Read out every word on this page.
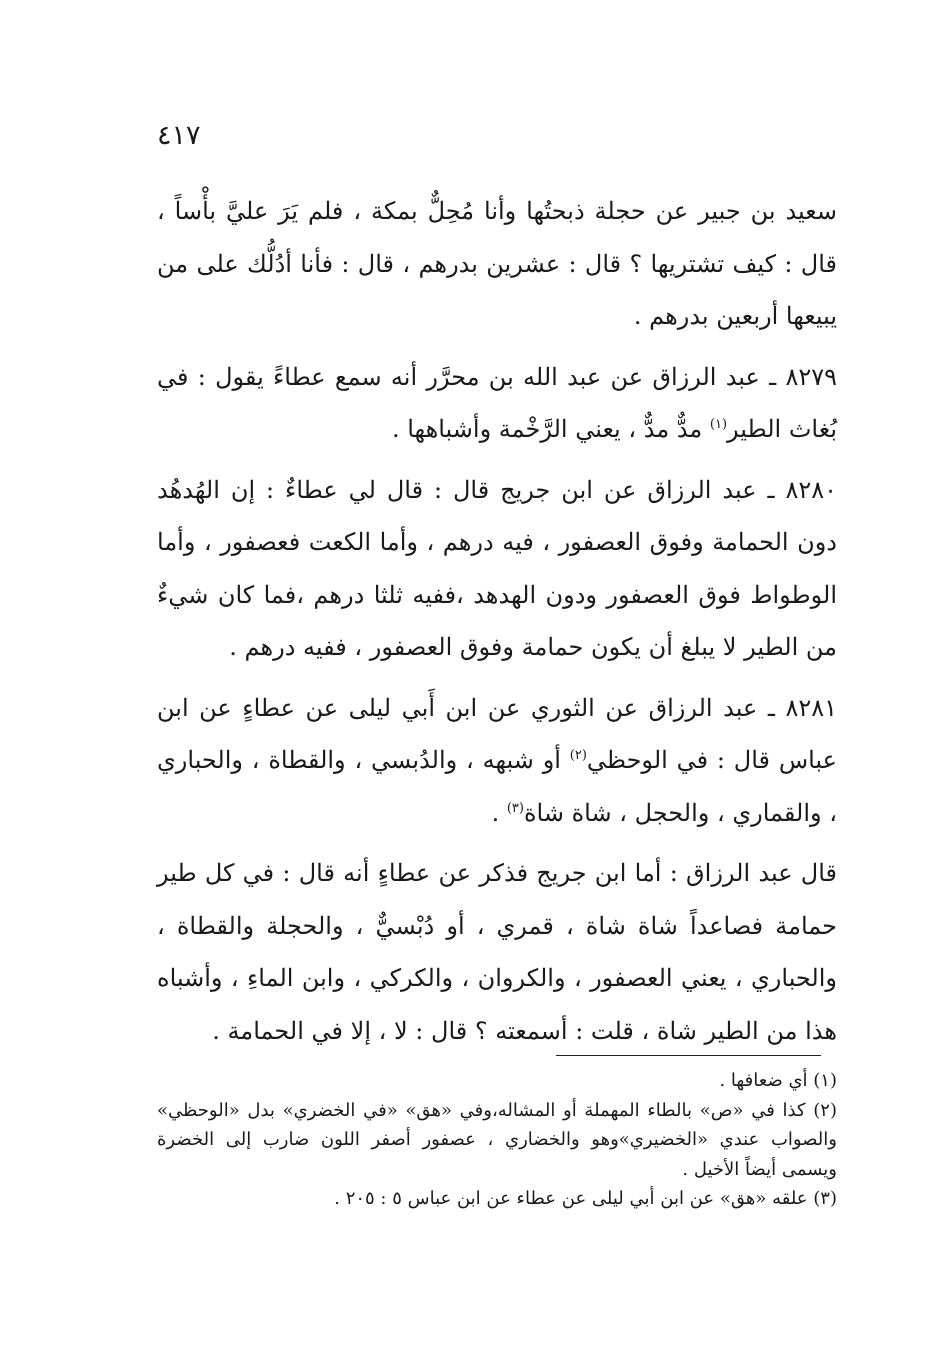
٤١٧

سعيد بن جبير عن حجلة ذبحتُها وأنا مُحِلٌّ بمكة ، فلم يَرَ عليَّ بأْساً ، قال : كيف تشتريها ؟ قال : عشرين بدرهم ، قال : فأنا أدُلُّك على من يبيعها أربعين بدرهم .

٨٢٧٩ ـ عبد الرزاق عن عبد الله بن محرَّر أنه سمع عطاءً يقول : في بُغاث الطير$^{(١)}$ مدٌّ مدٌّ ، يعني الرَّخْمة وأشباهها .

٨٢٨٠ ـ عبد الرزاق عن ابن جريج قال : قال لي عطاءٌ : إن الهُدهُد دون الحمامة وفوق العصفور ، فيه درهم ، وأما الكعت فعصفور ، وأما الوطواط فوق العصفور ودون الهدهد ،ففيه ثلثا درهم ،فما كان شيءٌ من الطير لا يبلغ أن يكون حمامة وفوق العصفور ، ففيه درهم .

٨٢٨١ ـ عبد الرزاق عن الثوري عن ابن أَبي ليلى عن عطاءٍ عن ابن عباس قال : في الوحظي$^{(٢)}$ أو شبهه ، والدُبسي ، والقطاة ، والحباري ، والقماري ، والحجل ، شاة شاة$^{(٣)}$ .

قال عبد الرزاق : أما ابن جريج فذكر عن عطاءٍ أنه قال : في كل طير حمامة فصاعداً شاة شاة ، قمري ، أو دُبْسيٌّ ، والحجلة والقطاة ، والحباري ، يعني العصفور ، والكروان ، والكركي ، وابن الماءِ ، وأشباه هذا من الطير شاة ، قلت : أسمعته ؟ قال : لا ، إلا في الحمامة .

(١) أي ضعافها .

(٢) كذا في «ص» بالطاء المهملة أو المشاله،وفي «هق» «في الخضري» بدل «الوحظي» والصواب عندي «الخضيري»وهو والخضاري ، عصفور أصفر اللون ضارب إلى الخضرة ويسمى أيضاً الأخيل .

(٣) علقه «هق» عن ابن أبي ليلى عن عطاء عن ابن عباس ٥ : ٢٠٥ .
